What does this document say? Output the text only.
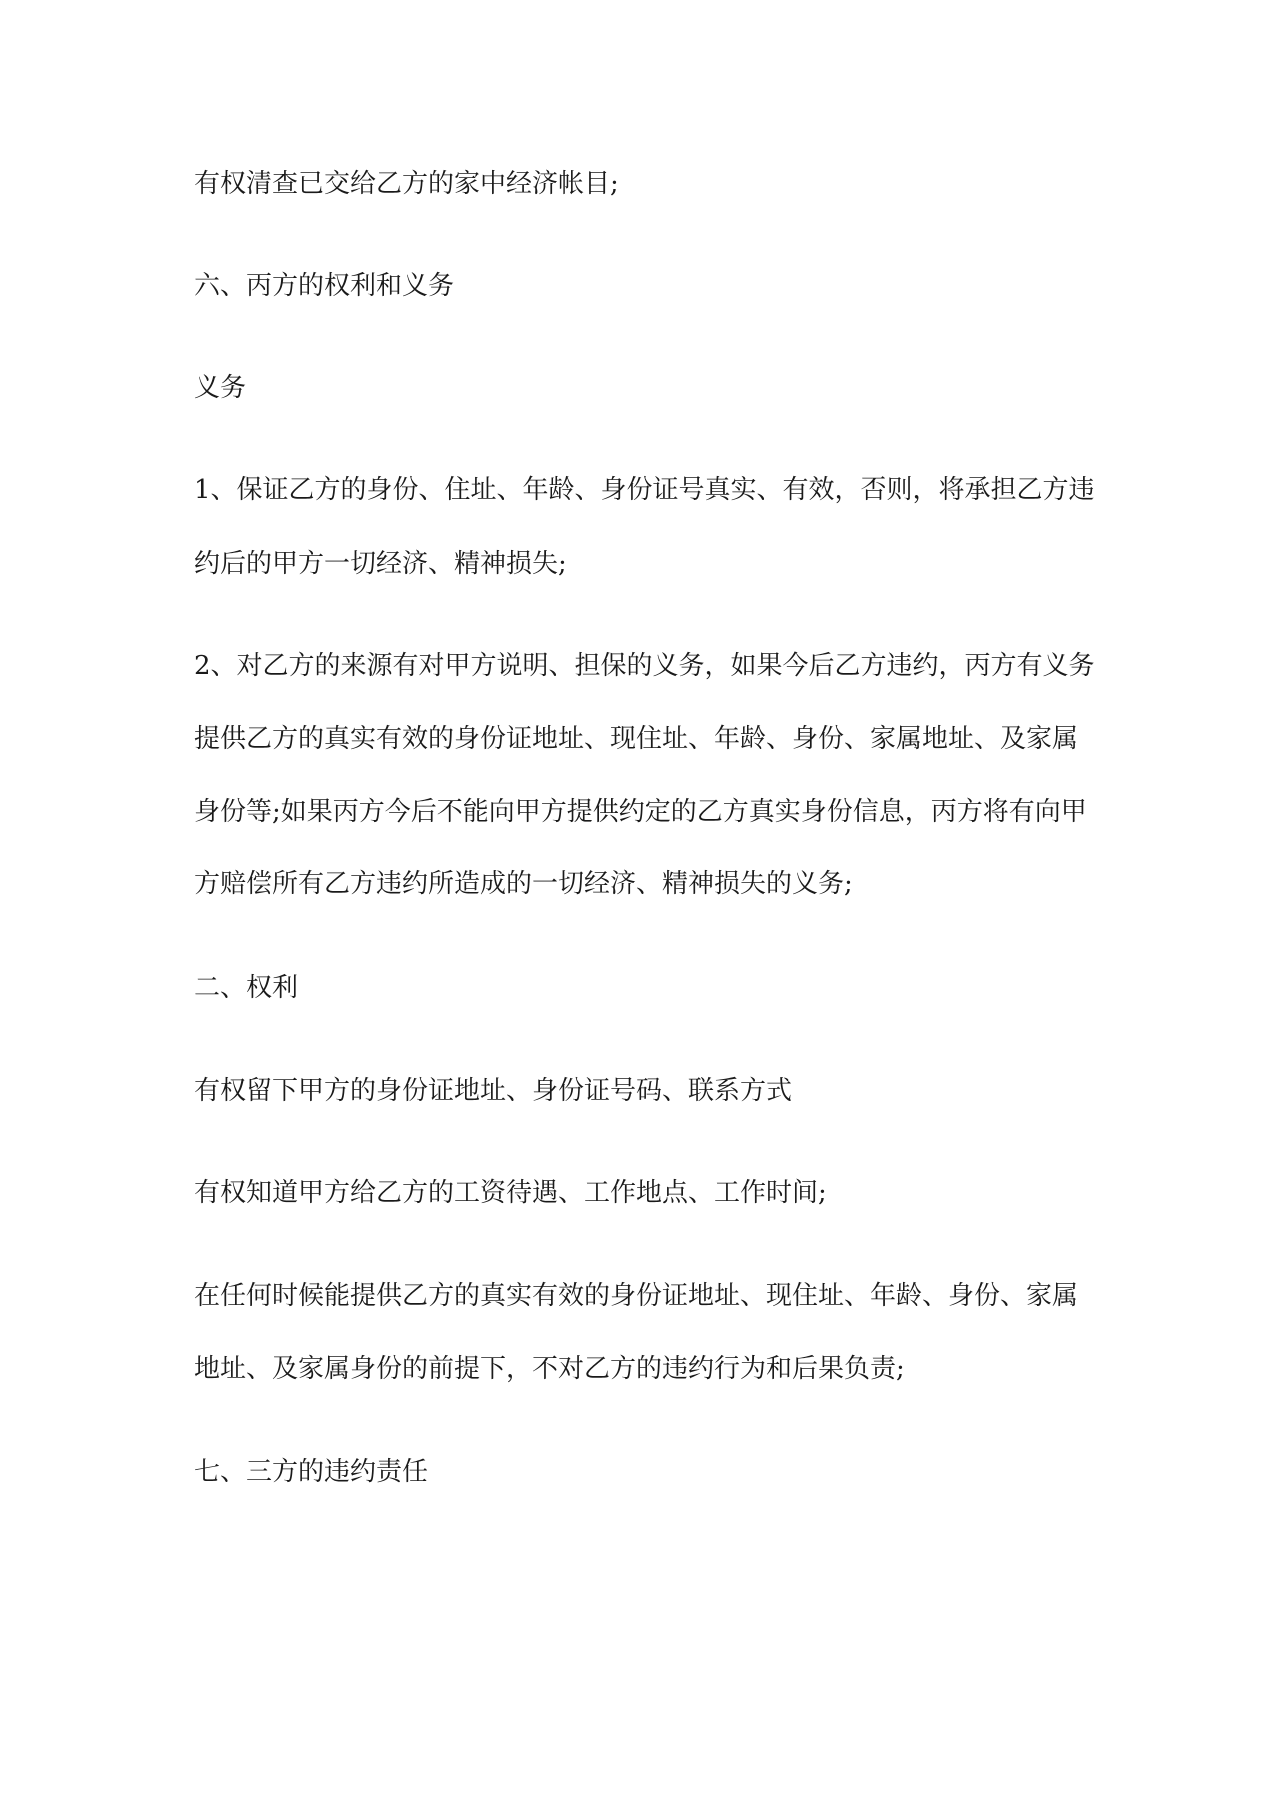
有权清查已交给乙方的家中经济帐目;

六、丙方的权利和义务

义务

1、保证乙方的身份、住址、年龄、身份证号真实、有效，否则，将承担乙方违

约后的甲方一切经济、精神损失;

2、对乙方的来源有对甲方说明、担保的义务，如果今后乙方违约，丙方有义务

提供乙方的真实有效的身份证地址、现住址、年龄、身份、家属地址、及家属

身份等;如果丙方今后不能向甲方提供约定的乙方真实身份信息，丙方将有向甲

方赔偿所有乙方违约所造成的一切经济、精神损失的义务;

二、权利

有权留下甲方的身份证地址、身份证号码、联系方式

有权知道甲方给乙方的工资待遇、工作地点、工作时间;

在任何时候能提供乙方的真实有效的身份证地址、现住址、年龄、身份、家属

地址、及家属身份的前提下，不对乙方的违约行为和后果负责;

七、三方的违约责任
